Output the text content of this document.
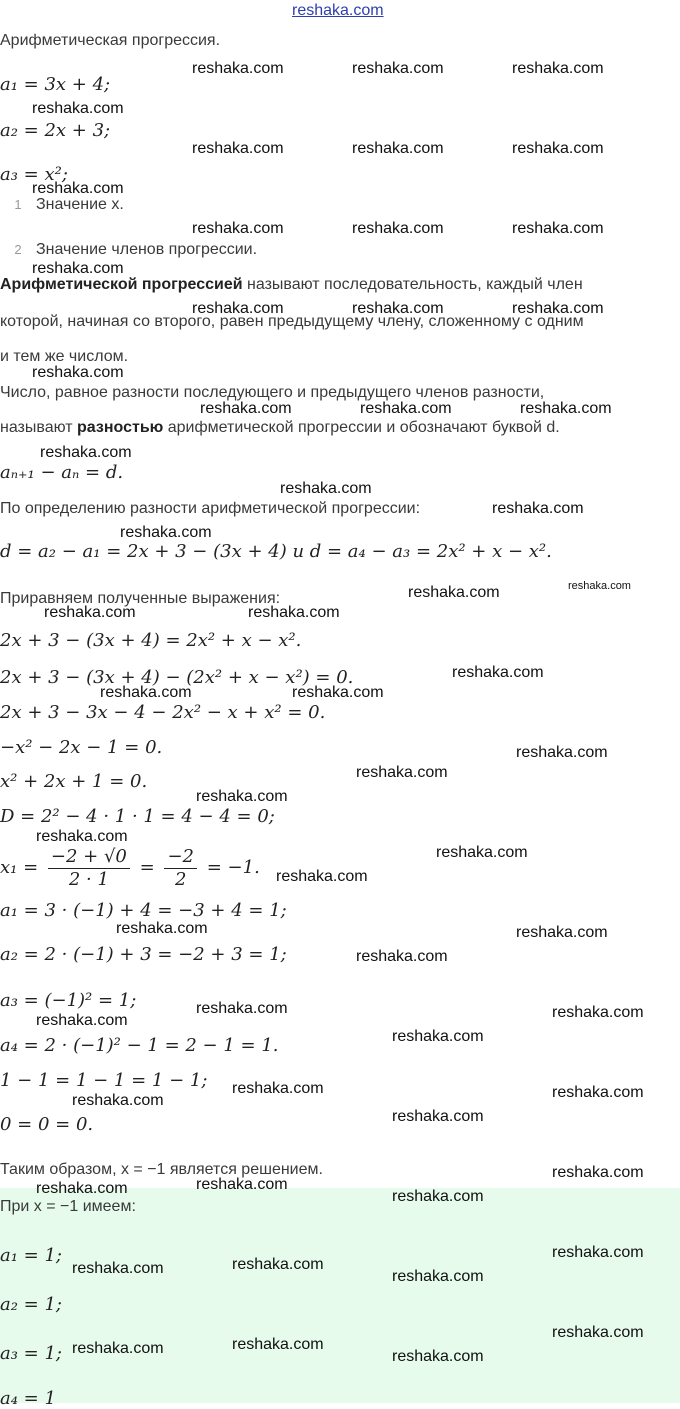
reshaka.com
Арифметическая прогрессия.
a₁ = 3x + 4;
a₂ = 2x + 3;
a₃ = x²;
1 Значение x.
2 Значение членов прогрессии.
Арифметической прогрессией называют последовательность, каждый член
которой, начиная со второго, равен предыдущему члену, сложенному с одним
и тем же числом.
Число, равное разности последующего и предыдущего членов разности,
называют разностью арифметической прогрессии и обозначают буквой d.
aₙ₊₁ − aₙ = d.
По определению разности арифметической прогрессии:
d = a₂ − a₁ = 2x + 3 − (3x + 4) и d = a₄ − a₃ = 2x² + x − x².
Приравняем полученные выражения:
2x + 3 − (3x + 4) = 2x² + x − x².
2x + 3 − (3x + 4) − (2x² + x − x²) = 0.
2x + 3 − 3x − 4 − 2x² − x + x² = 0.
−x² − 2x − 1 = 0.
x² + 2x + 1 = 0.
D = 2² − 4 · 1 · 1 = 4 − 4 = 0;
$x_1 = \frac{-2 + √0}{2 \cdot 1} = \frac{-2}{2} = -1$.
a₁ = 3 · (−1) + 4 = −3 + 4 = 1;
a₂ = 2 · (−1) + 3 = −2 + 3 = 1;
a₃ = (−1)² = 1;
a₄ = 2 · (−1)² − 1 = 2 − 1 = 1.
1 − 1 = 1 − 1 = 1 − 1;
0 = 0 = 0.
Таким образом, x = −1 является решением.
При x = −1 имеем:
a₁ = 1;
a₂ = 1;
a₃ = 1;
a₄ = 1
reshaka.com	reshaka.com	reshaka.com
reshaka.com
reshaka.com	reshaka.com	reshaka.com
reshaka.com
reshaka.com	reshaka.com	reshaka.com
reshaka.com
reshaka.com	reshaka.com	reshaka.com
reshaka.com
reshaka.com	reshaka.com	reshaka.com
reshaka.com
reshaka.com
reshaka.com
reshaka.com
reshaka.com
reshaka.com	reshaka.com
reshaka.com
reshaka.com	reshaka.com
reshaka.com
reshaka.com
reshaka.com
reshaka.com
reshaka.com
reshaka.com
reshaka.com	reshaka.com
reshaka.com
reshaka.com	reshaka.com
reshaka.com
reshaka.com
reshaka.com	reshaka.com
reshaka.com
reshaka.com
reshaka.com
reshaka.com	reshaka.com
reshaka.com
reshaka.com
reshaka.com	reshaka.com
reshaka.com
reshaka.com
reshaka.com	reshaka.com
reshaka.com
reshaka.com
